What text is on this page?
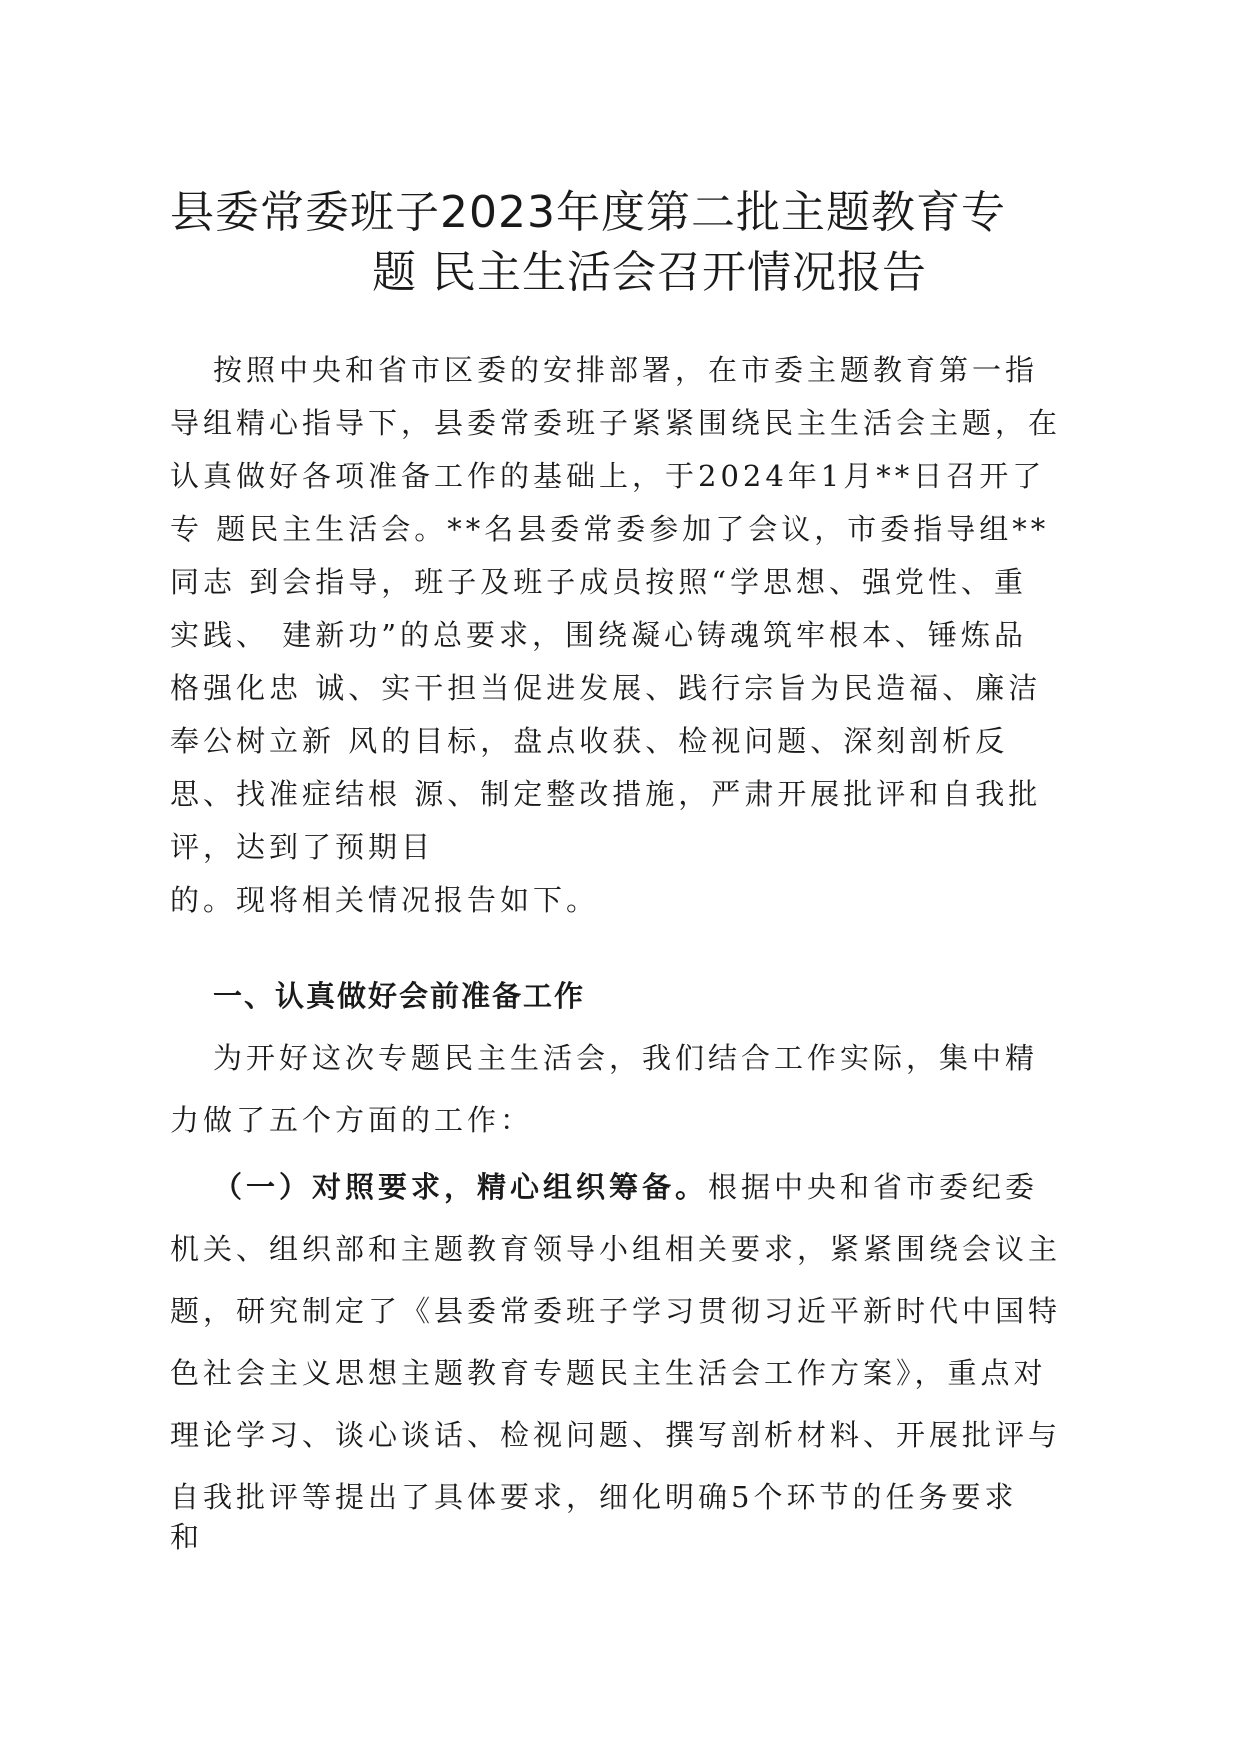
县委常委班子2023年度第二批主题教育专
题 民主生活会召开情况报告
按照中央和省市区委的安排部署，在市委主题教育第一指
导组精心指导下，县委常委班子紧紧围绕民主生活会主题，在
认真做好各项准备工作的基础上，于2024年1月**日召开了
专 题民主生活会。**名县委常委参加了会议，市委指导组**
同志 到会指导，班子及班子成员按照“学思想、强党性、重
实践、 建新功”的总要求，围绕凝心铸魂筑牢根本、锤炼品
格强化忠 诚、实干担当促进发展、践行宗旨为民造福、廉洁
奉公树立新 风的目标，盘点收获、检视问题、深刻剖析反
思、找准症结根 源、制定整改措施，严肃开展批评和自我批
评，达到了预期目
的。现将相关情况报告如下。
一、认真做好会前准备工作
为开好这次专题民主生活会，我们结合工作实际，集中精
力做了五个方面的工作：
（一）对照要求，精心组织筹备。根据中央和省市委纪委
机关、组织部和主题教育领导小组相关要求，紧紧围绕会议主
题，研究制定了《县委常委班子学习贯彻习近平新时代中国特
色社会主义思想主题教育专题民主生活会工作方案》，重点对
理论学习、谈心谈话、检视问题、撰写剖析材料、开展批评与
自我批评等提出了具体要求，细化明确5个环节的任务要求
和
